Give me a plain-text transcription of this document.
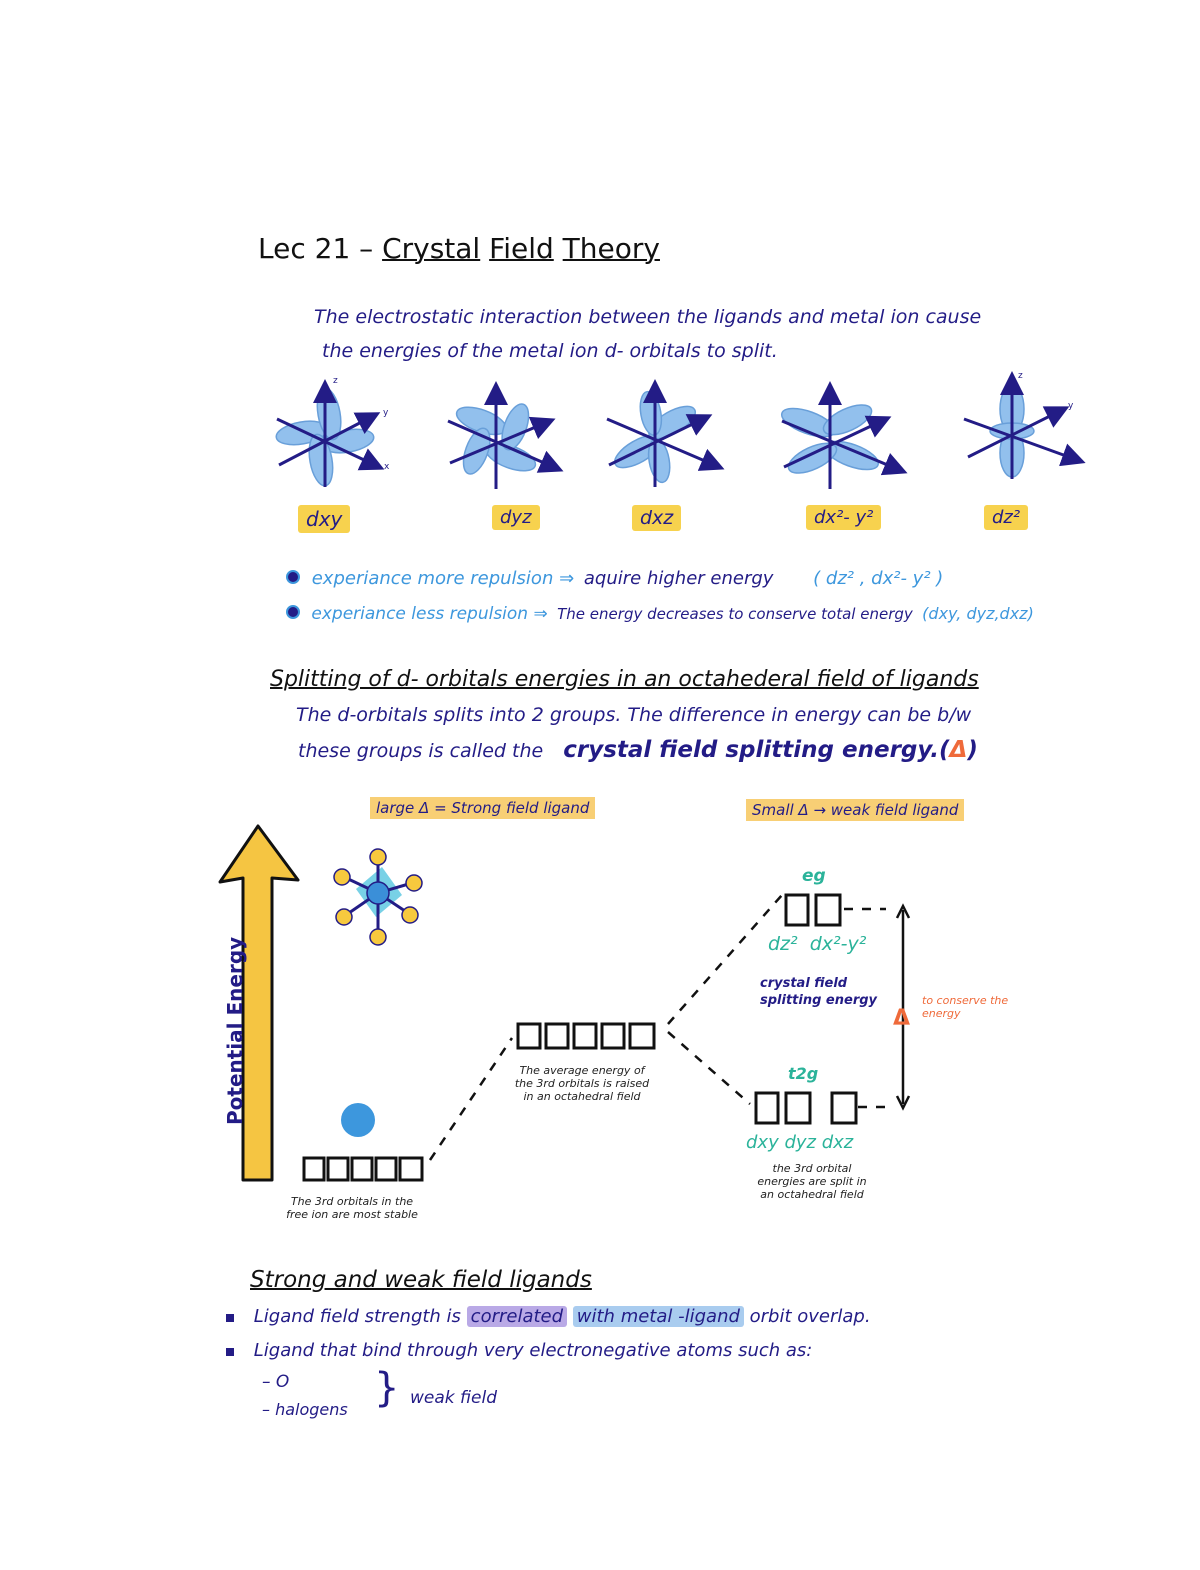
Lec 21 – Crystal Field Theory
The electrostatic interaction between the ligands and metal ion cause
the energies of the metal ion d- orbitals to split.
dxy	dyz	dxz	dx²- y²	dz²
z
y
x
z
y
experiance more repulsion ⇒ aquire higher energy ( dz² , dx²- y² )
experiance less repulsion ⇒ The energy decreases to conserve total energy (dxy, dyz,dxz)
Splitting of d- orbitals energies in an octahederal field of ligands
The d-orbitals splits into 2 groups. The difference in energy can be b/w
these groups is called the crystal field splitting energy.(Δ)
large Δ = Strong field ligand	Small Δ → weak field ligand
Potential Energy
The 3rd orbitals in the free ion are most stable
The average energy of the 3rd orbitals is raised in an octahedral field
the 3rd orbital energies are split in an octahedral field
eg
dz²  dx²-y²
t2g
dxy dyz dxz
crystal field splitting energy
Δ
to conserve the energy
Strong and weak field ligands
Ligand field strength is correlated with metal -ligand orbit overlap.
Ligand that bind through very electronegative atoms such as:
– O
– halogens } weak field
